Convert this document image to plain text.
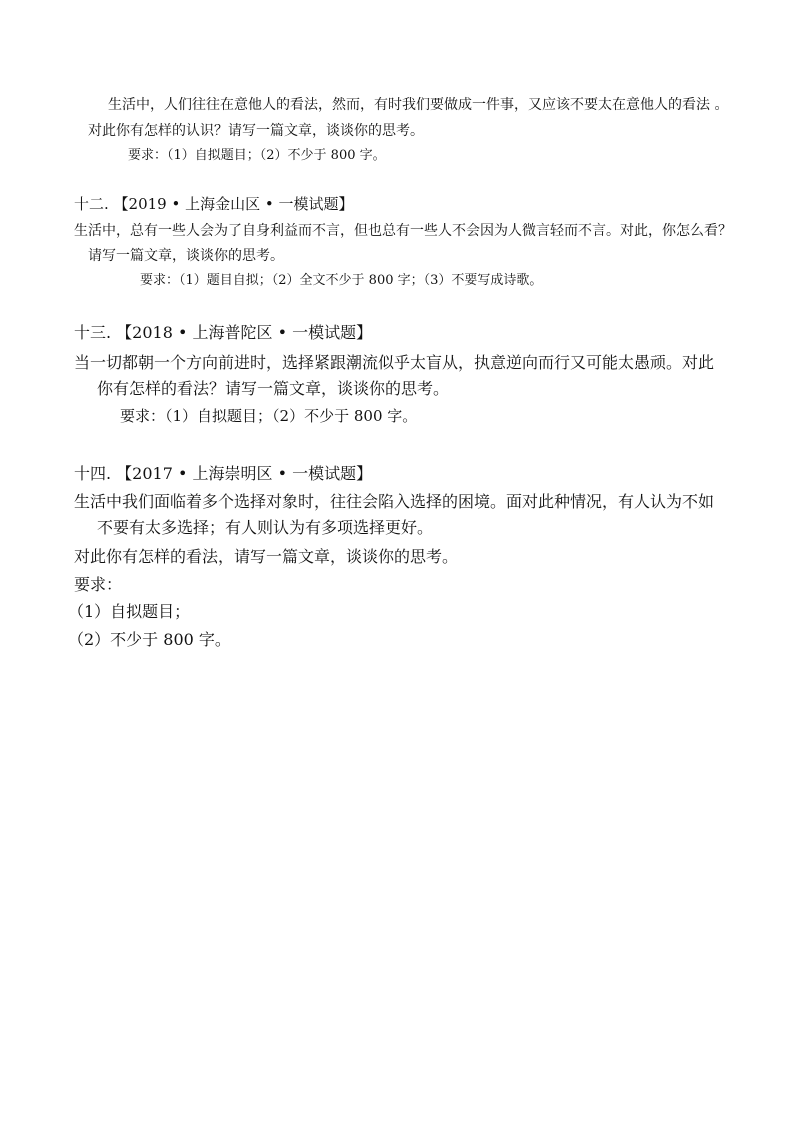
生活中，人们往往在意他人的看法，然而，有时我们要做成一件事，又应该不要太在意他人的看法 。
对此你有怎样的认识？请写一篇文章，谈谈你的思考。
要求：（1）自拟题目；（2）不少于 800 字。
十二. 【2019 • 上海金山区 • 一模试题】
生活中，总有一些人会为了自身利益而不言，但也总有一些人不会因为人微言轻而不言。对此，你怎么看？
请写一篇文章，谈谈你的思考。
要求：（1）题目自拟；（2）全文不少于 800 字；（3）不要写成诗歌。
十三. 【2018 • 上海普陀区 • 一模试题】
当一切都朝一个方向前进时，选择紧跟潮流似乎太盲从，执意逆向而行又可能太愚顽。对此
你有怎样的看法？请写一篇文章，谈谈你的思考。
要求：（1）自拟题目；（2）不少于 800 字。
十四. 【2017 • 上海崇明区 • 一模试题】
生活中我们面临着多个选择对象时，往往会陷入选择的困境。面对此种情况，有人认为不如
不要有太多选择；有人则认为有多项选择更好。
对此你有怎样的看法，请写一篇文章，谈谈你的思考。
要求：
（1）自拟题目；
（2）不少于 800 字。
